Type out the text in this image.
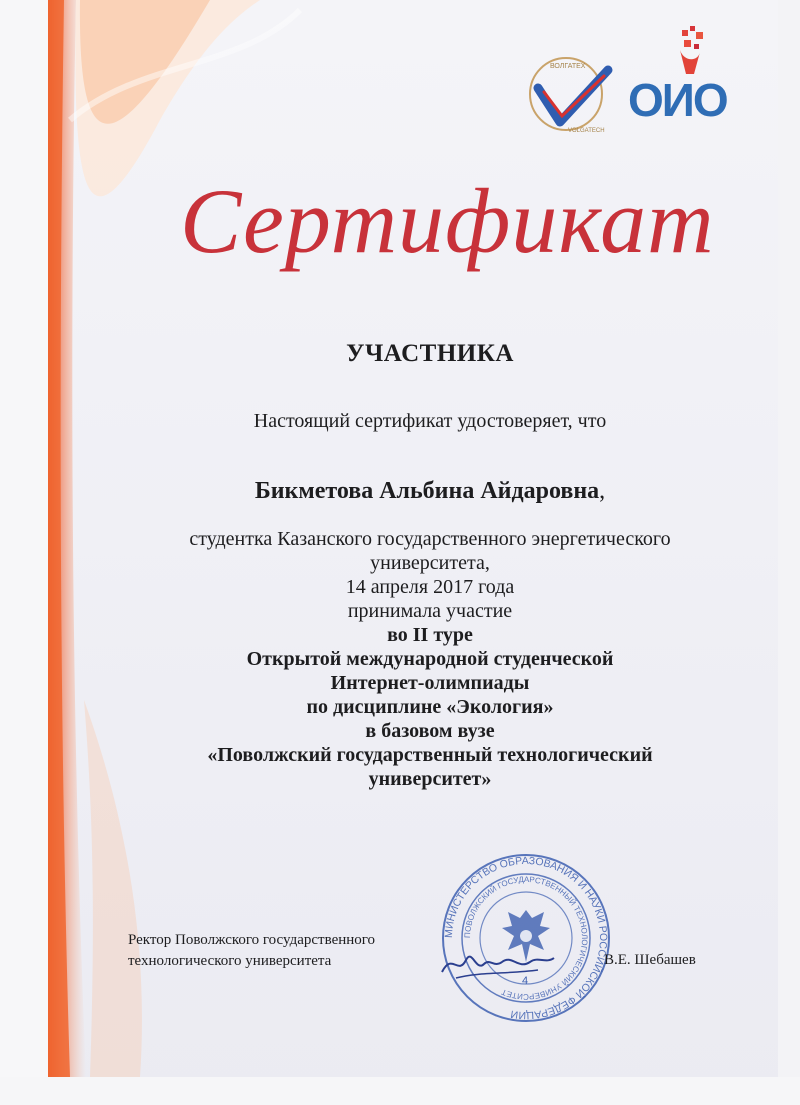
ВОЛГАТЕХ
VOLGATECH
ОИО
Сертификат
УЧАСТНИКА
Настоящий сертификат удостоверяет, что
Бикметова Альбина Айдаровна,
студентка Казанского государственного энергетического
университета,
14 апреля 2017 года
принимала участие
во II туре
Открытой международной студенческой
Интернет-олимпиады
по дисциплине «Экология»
в базовом вузе
«Поволжский государственный технологический
университет»
МИНИСТЕРСТВО ОБРАЗОВАНИЯ И НАУКИ РОССИЙСКОЙ ФЕДЕРАЦИИ
ПОВОЛЖСКИЙ ГОСУДАРСТВЕННЫЙ ТЕХНОЛОГИЧЕСКИЙ УНИВЕРСИТЕТ
4
Ректор Поволжского государственного
технологического университета	В.Е. Шебашев
